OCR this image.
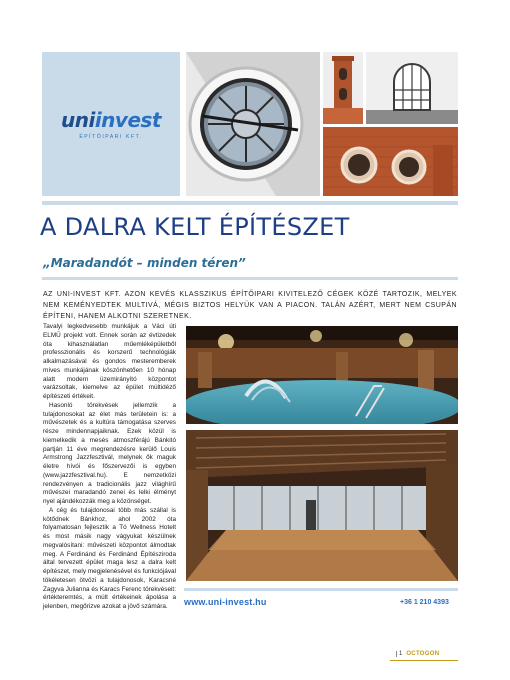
uniinvest
ÉPÍTŐIPARI KFT.
A DALRA KELT ÉPÍTÉSZET
„Maradandót – minden téren”

AZ UNI-INVEST KFT. AZON KEVÉS KLASSZIKUS ÉPÍTŐIPARI KIVITELEZŐ CÉGEK KÖZÉ TARTOZIK, MELYEK NEM KEMÉNYEDTEK MULTIVÁ, MÉGIS BIZTOS HELYÜK VAN A PIACON. TALÁN AZÉRT, MERT NEM CSUPÁN ÉPÍTENI, HANEM ALKOTNI SZERETNEK.

Tavalyi legkedvesebb munkájuk a Váci úti ELMŰ projekt volt. Ennek során az évtizedek óta kihasználatlan műemléképületből professzionális és korszerű technológiák alkalmazásával és gondos mesteremberek míves munkájának köszönhetően 10 hónap alatt modern üzemirányító központot varázsoltak, kiemelve az épület múltidéző építészeti értékeit.

Hasonló törekvések jellemzik a tulajdonosokat az élet más területein is: a művészetek és a kultúra támogatása szerves része mindennapjaiknak. Ezek közül is kiemelkedik a mesés atmoszférájú Bánkitó partján 11 éve megrendezésre kerülő Louis Armstrong Jazzfesztivál, melynek ők maguk életre hívói és főszervezői is egyben (www.jazzfesztival.hu). E nemzetközi rendezvényen a tradicionális jazz világhírű művészei maradandó zenei és lelki élményt nyel ajándékozzák meg a közönséget.

A cég és tulajdonosai több más szállal is kötődnek Bánkhoz, ahol 2002 óta folyamatosan fejlesztik a Tó Wellness Hotelt és most másik nagy vágyukat készülnek megvalósítani: művészeti központot álmodtak meg. A Ferdinánd és Ferdinánd Építésziroda által tervezett épület maga lesz a dalra kelt építészet, mely megjelenésével és funkciójával tökéletesen ötvözi a tulajdonosok, Karacsné Zagyva Julianna és Karacs Ferenc törekvéseit: értékteremtés, a múlt értékeinek ápolása a jelenben, megőrizve azokat a jövő számára.	www.uni-invest.hu	+36 1 210 4393
1 OCTOGON
